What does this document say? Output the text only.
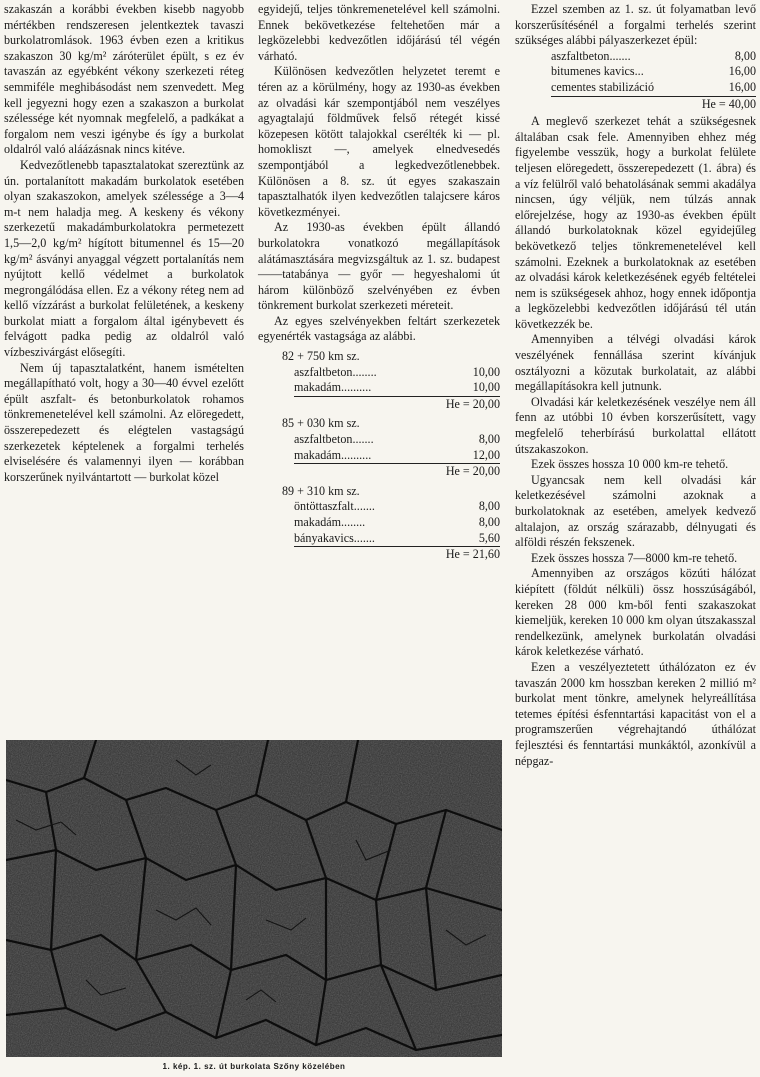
szakaszán a korábbi években kisebb nagyobb mértékben rendszeresen jelentkeztek tavaszi burkolatromlások. 1963 évben ezen a kritikus szakaszon 30 kg/m² záróterület épült, s ez év tavaszán az egyébként vékony szerkezeti réteg semmiféle meghibásodást nem szenvedett. Meg kell jegyezni hogy ezen a szakaszon a burkolat szélessége két nyomnak megfelelő, a padkákat a forgalom nem veszi igénybe és így a burkolat oldalról való aláázásnak nincs kitéve.

Kedvezőtlenebb tapasztalatokat szereztünk az ún. portalanított makadám burkolatok esetében olyan szakaszokon, amelyek szélessége a 3—4 m-t nem haladja meg. A keskeny és vékony szerkezetű makadámburkolatokra permetezett 1,5—2,0 kg/m² hígított bitumennel és 15—20 kg/m² ásványi anyaggal végzett portalanítás nem nyújtott kellő védelmet a burkolatok megrongálódása ellen. Ez a vékony réteg nem ad kellő vízzárást a burkolat felületének, a keskeny burkolat miatt a forgalom által igénybevett és felvágott padka pedig az oldalról való vízbeszivárgást elősegíti.

Nem új tapasztalatként, hanem ismételten megállapítható volt, hogy a 30—40 évvel ezelőtt épült aszfalt- és betonburkolatok rohamos tönkremenetelével kell számolni. Az elöregedett, összerepedezett és elégtelen vastagságú szerkezetek képtelenek a forgalmi terhelés elviselésére és valamennyi ilyen — korábban korszerűnek nyilvántartott — burkolat közel

egyidejű, teljes tönkremenetelével kell számolni. Ennek bekövetkezése feltehetően már a legközelebbi kedvezőtlen időjárású tél végén várható.

Különösen kedvezőtlen helyzetet teremt e téren az a körülmény, hogy az 1930-as években az olvadási kár szempontjából nem veszélyes agyagtalajú földművek felső rétegét kissé közepesen kötött talajokkal cserélték ki — pl. homokliszt —, amelyek elnedvesedés szempontjából a legkedvezőtlenebbek. Különösen a 8. sz. út egyes szakaszain tapasztalhatók ilyen kedvezőtlen talajcsere káros következményei.

Az 1930-as években épült állandó burkolatokra vonatkozó megállapítások alátámasztására megvizsgáltuk az 1. sz. budapest——tatabánya — győr — hegyeshalomi út három különböző szelvényében ez évben tönkrement burkolat szerkezeti méreteit.

Az egyes szelvényekben feltárt szerkezetek egyenérték vastagsága az alábbi.

82 + 750 km sz.
aszfaltbeton ........	10,00
makadám ..........	10,00
He = 20,00
85 + 030 km sz.
aszfaltbeton .......	8,00
makadám ..........	12,00
He = 20,00
89 + 310 km sz.
öntöttaszfalt .......	8,00
makadám ........	8,00
bányakavics .......	5,60
He = 21,60

Ezzel szemben az 1. sz. út folyamatban levő korszerűsítésénél a forgalmi terhelés szerint szükséges alábbi pályaszerkezet épül:

aszfaltbeton .......	8,00
bitumenes kavics ...	16,00
cementes stabilizáció	16,00
He = 40,00

A meglevő szerkezet tehát a szükségesnek általában csak fele. Amennyiben ehhez még figyelembe vesszük, hogy a burkolat felülete teljesen elöregedett, összerepedezett (1. ábra) és a víz felülről való behatolásának semmi akadálya nincsen, úgy véljük, nem túlzás annak előrejelzése, hogy az 1930-as években épült állandó burkolatoknak közel egyidejűleg bekövetkező teljes tönkremenetelével kell számolni. Ezeknek a burkolatoknak az esetében az olvadási károk keletkezésének egyéb feltételei nem is szükségesek ahhoz, hogy ennek időpontja a legközelebbi kedvezőtlen időjárású tél után következzék be.

Amennyiben a télvégi olvadási károk veszélyének fennállása szerint kívánjuk osztályozni a közutak burkolatait, az alábbi megállapításokra kell jutnunk.

Olvadási kár keletkezésének veszélye nem áll fenn az utóbbi 10 évben korszerűsített, vagy megfelelő teherbírású burkolattal ellátott útszakaszokon.

Ezek összes hossza 10 000 km-re tehető.

Ugyancsak nem kell olvadási kár keletkezésével számolni azoknak a burkolatoknak az esetében, amelyek kedvező altalajon, az ország szárazabb, délnyugati és alföldi részén fekszenek.

Ezek összes hossza 7—8000 km-re tehető.

Amennyiben az országos közúti hálózat kiépített (földút nélküli) össz hosszúságából, kereken 28 000 km-ből fenti szakaszokat kiemeljük, kereken 10 000 km olyan útszakasszal rendelkezünk, amelynek burkolatán olvadási károk keletkezése várható.

Ezen a veszélyeztetett úthálózaton ez év tavaszán 2000 km hosszban kereken 2 millió m² burkolat ment tönkre, amelynek helyreállítása tetemes építési ésfenntartási kapacitást von el a programszerűen végrehajtandó úthálózat fejlesztési és fenntartási munkáktól, azonkívül a népgaz-

1. kép. 1. sz. út burkolata Szőny közelében
